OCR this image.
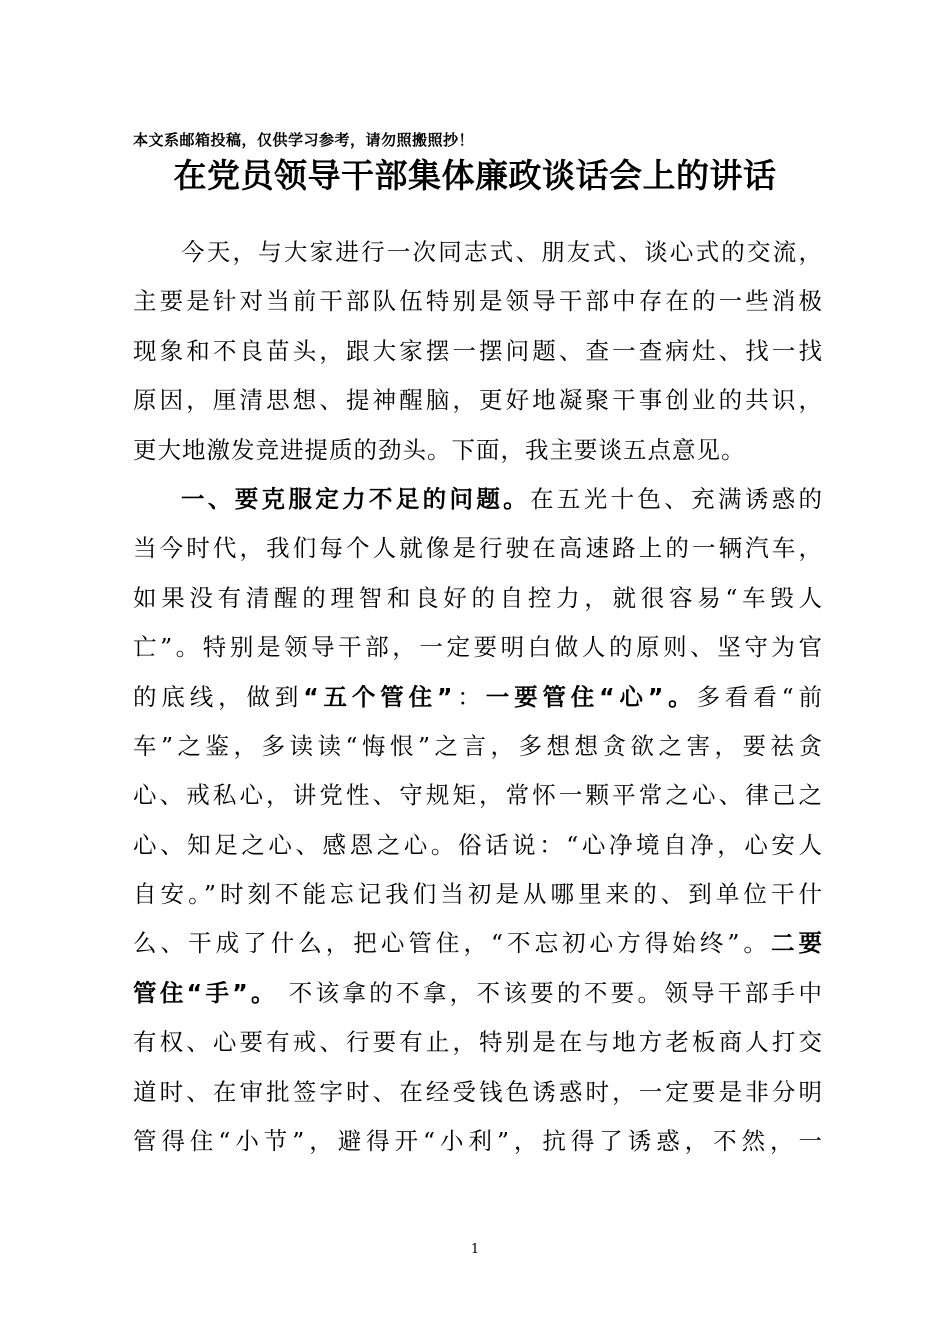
本文系邮箱投稿，仅供学习参考，请勿照搬照抄！
在党员领导干部集体廉政谈话会上的讲话
今天，与大家进行一次同志式、朋友式、谈心式的交流，
主要是针对当前干部队伍特别是领导干部中存在的一些消极
现象和不良苗头，跟大家摆一摆问题、查一查病灶、找一找
原因，厘清思想、提神醒脑，更好地凝聚干事创业的共识，
更大地激发竞进提质的劲头。下面，我主要谈五点意见。
一、要克服定力不足的问题。在五光十色、充满诱惑的
当今时代，我们每个人就像是行驶在高速路上的一辆汽车，
如果没有清醒的理智和良好的自控力，就很容易“车毁人
亡”。特别是领导干部，一定要明白做人的原则、坚守为官
的底线，做到“五个管住”：一要管住“心”。多看看“前
车”之鉴，多读读“悔恨”之言，多想想贪欲之害，要祛贪
心、戒私心，讲党性、守规矩，常怀一颗平常之心、律己之
心、知足之心、感恩之心。俗话说：“心净境自净，心安人
自安。”时刻不能忘记我们当初是从哪里来的、到单位干什
么、干成了什么，把心管住，“不忘初心方得始终”。二要
管住“手”。 不该拿的不拿，不该要的不要。领导干部手中
有权、心要有戒、行要有止，特别是在与地方老板商人打交
道时、在审批签字时、在经受钱色诱惑时，一定要是非分明
管得住“小节”，避得开“小利”，抗得了诱惑，不然，一
1
